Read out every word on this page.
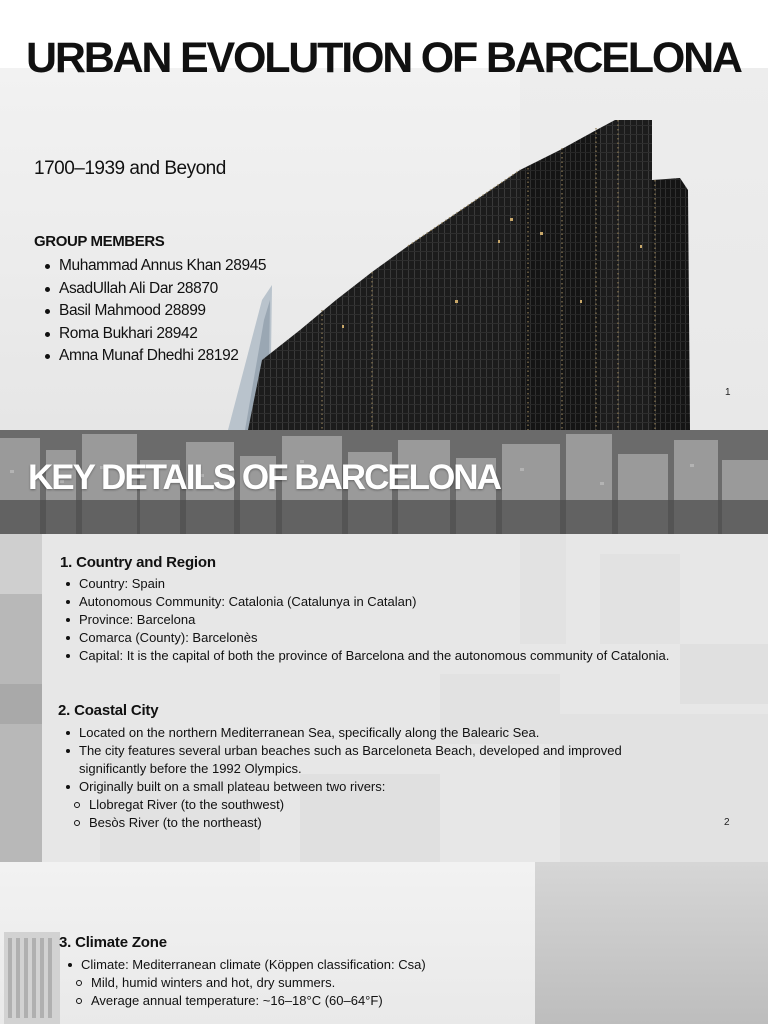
URBAN EVOLUTION OF BARCELONA
1700–1939 and Beyond
GROUP MEMBERS
Muhammad Annus Khan 28945
AsadUllah Ali Dar 28870
Basil Mahmood 28899
Roma Bukhari 28942
Amna Munaf Dhedhi 28192
1
KEY DETAILS OF BARCELONA
1. Country and Region
Country: Spain
Autonomous Community: Catalonia (Catalunya in Catalan)
Province: Barcelona
Comarca (County): Barcelonès
Capital: It is the capital of both the province of Barcelona and the autonomous community of Catalonia.
2. Coastal City
Located on the northern Mediterranean Sea, specifically along the Balearic Sea.
The city features several urban beaches such as Barceloneta Beach, developed and improved significantly before the 1992 Olympics.
Originally built on a small plateau between two rivers:
Llobregat River (to the southwest)
Besòs River (to the northeast)	2
3. Climate Zone
Climate: Mediterranean climate (Köppen classification: Csa)
Mild, humid winters and hot, dry summers.
Average annual temperature: ~16–18°C (60–64°F)
